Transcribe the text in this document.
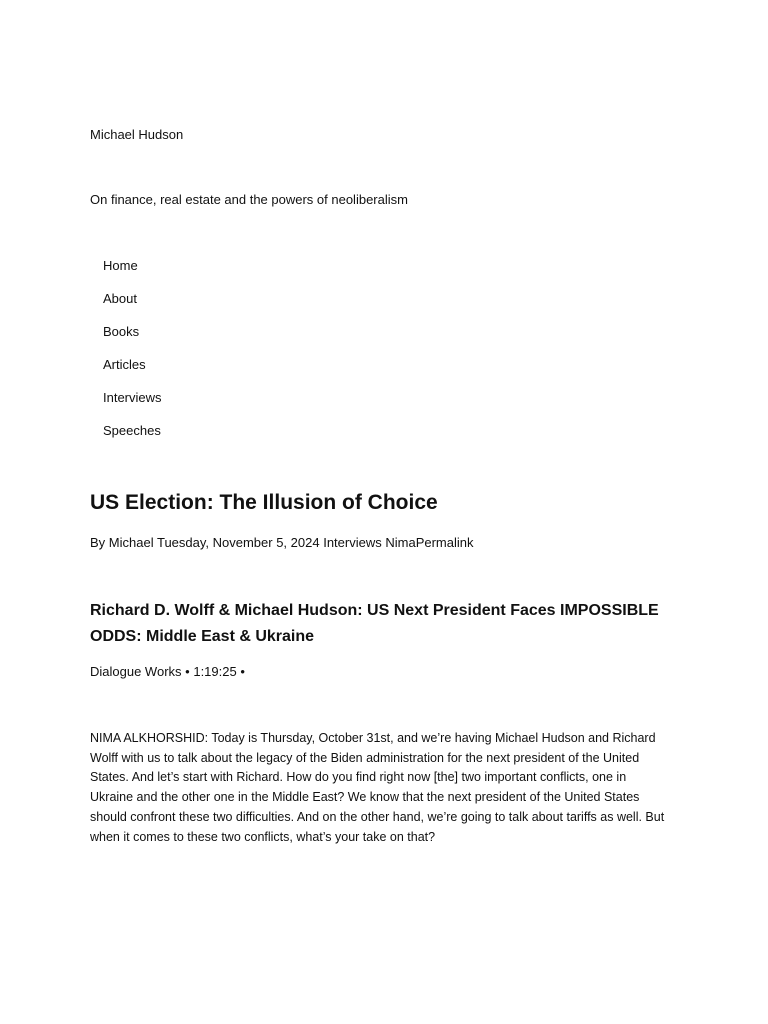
Michael Hudson

On finance, real estate and the powers of neoliberalism

Home
About
Books
Articles
Interviews
Speeches
US Election: The Illusion of Choice

By Michael Tuesday, November 5, 2024 Interviews NimaPermalink

Richard D. Wolff & Michael Hudson: US Next President Faces IMPOSSIBLE ODDS: Middle East & Ukraine

Dialogue Works • 1:19:25 •

NIMA ALKHORSHID: Today is Thursday, October 31st, and we’re having Michael Hudson and Richard Wolff with us to talk about the legacy of the Biden administration for the next president of the United States. And let’s start with Richard. How do you find right now [the] two important conflicts, one in Ukraine and the other one in the Middle East? We know that the next president of the United States should confront these two difficulties. And on the other hand, we’re going to talk about tariffs as well. But when it comes to these two conflicts, what’s your take on that?
